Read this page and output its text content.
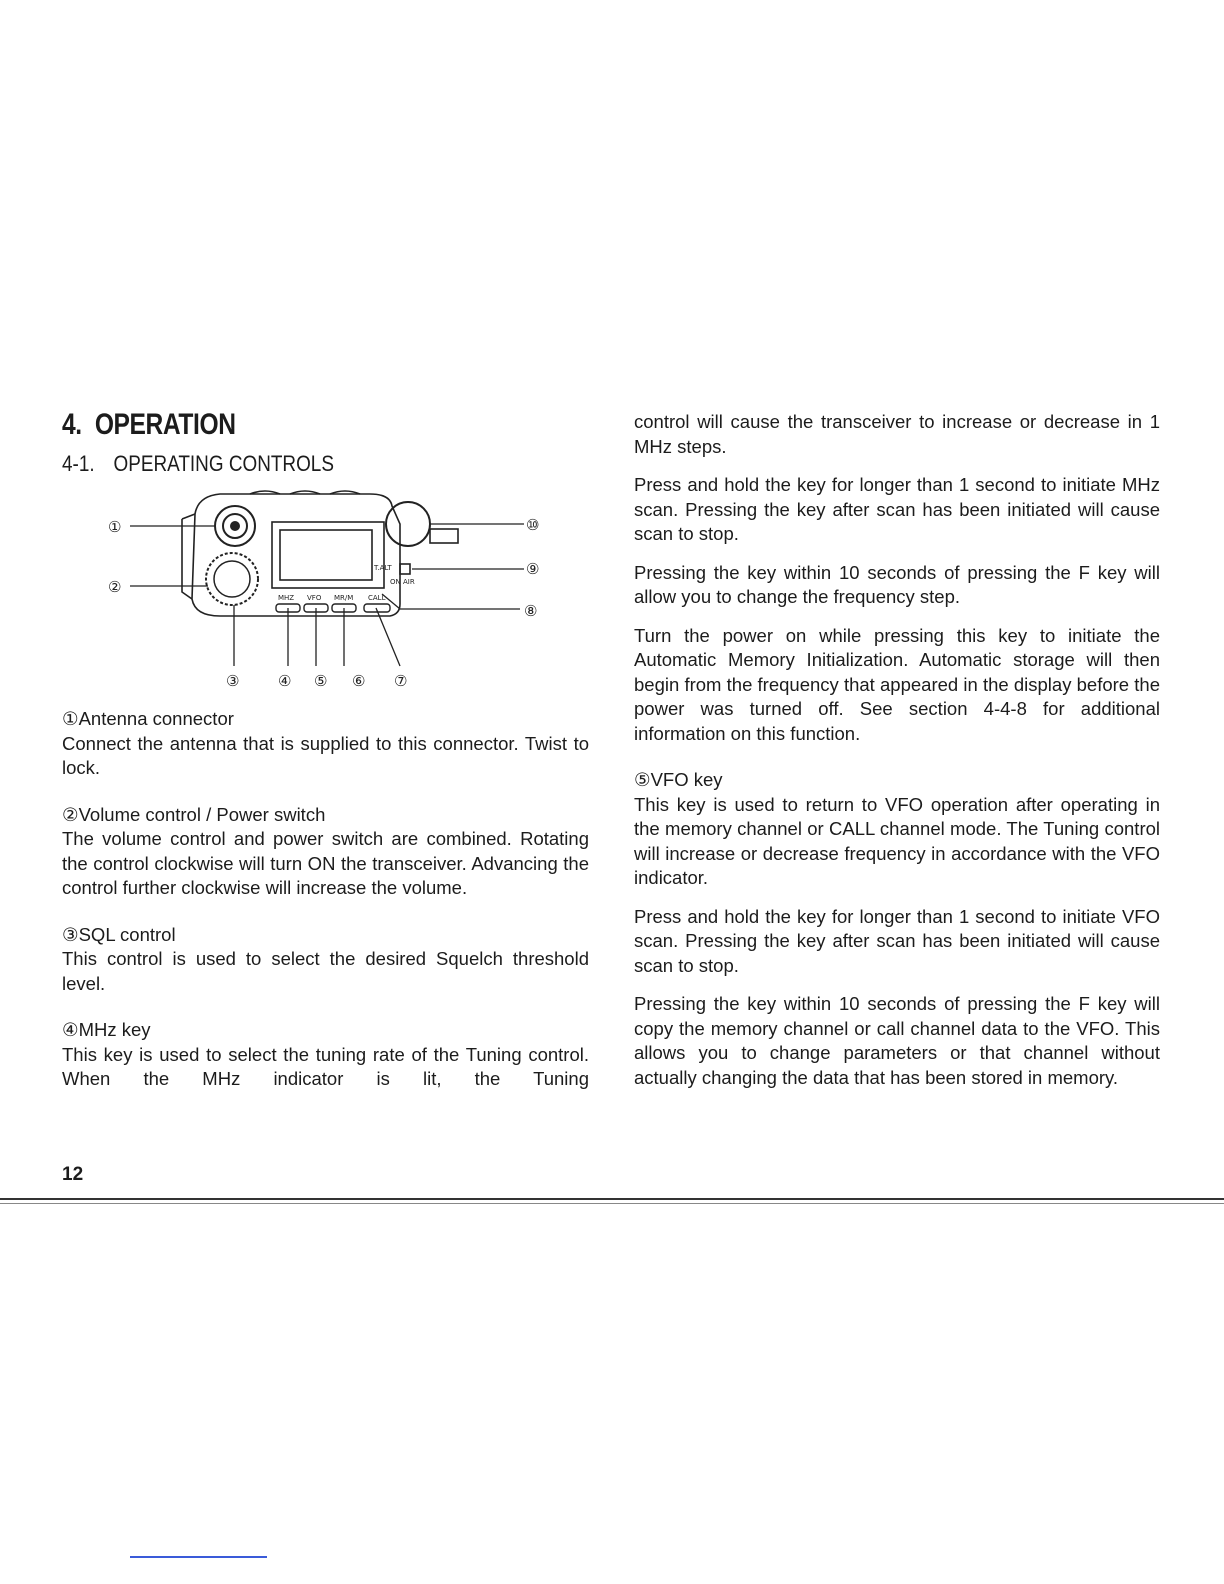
4. OPERATION
4-1. OPERATING CONTROLS
MHZ VFO MR/M CALL
T.ALT
ON AIR
①
②
③	④ ⑤ ⑥ ⑦
⑧
⑨
⑩

①Antenna connector

Connect the antenna that is supplied to this connector. Twist to lock.

②Volume control / Power switch

The volume control and power switch are combined. Rotating the control clockwise will turn ON the transceiver. Advancing the control further clockwise will increase the volume.

③SQL control

This control is used to select the desired Squelch threshold level.

④MHz key

This key is used to select the tuning rate of the Tuning control. When the MHz indicator is lit, the Tuning

control will cause the transceiver to increase or decrease in 1 MHz steps.

Press and hold the key for longer than 1 second to initiate MHz scan. Pressing the key after scan has been initiated will cause scan to stop.

Pressing the key within 10 seconds of pressing the F key will allow you to change the frequency step.

Turn the power on while pressing this key to initiate the Automatic Memory Initialization. Automatic storage will then begin from the frequency that appeared in the display before the power was turned off. See section 4-4-8 for additional information on this function.

⑤VFO key

This key is used to return to VFO operation after operating in the memory channel or CALL channel mode. The Tuning control will increase or decrease frequency in accordance with the VFO indicator.

Press and hold the key for longer than 1 second to initiate VFO scan. Pressing the key after scan has been initiated will cause scan to stop.

Pressing the key within 10 seconds of pressing the F key will copy the memory channel or call channel data to the VFO. This allows you to change parameters or that channel without actually changing the data that has been stored in memory.

12
